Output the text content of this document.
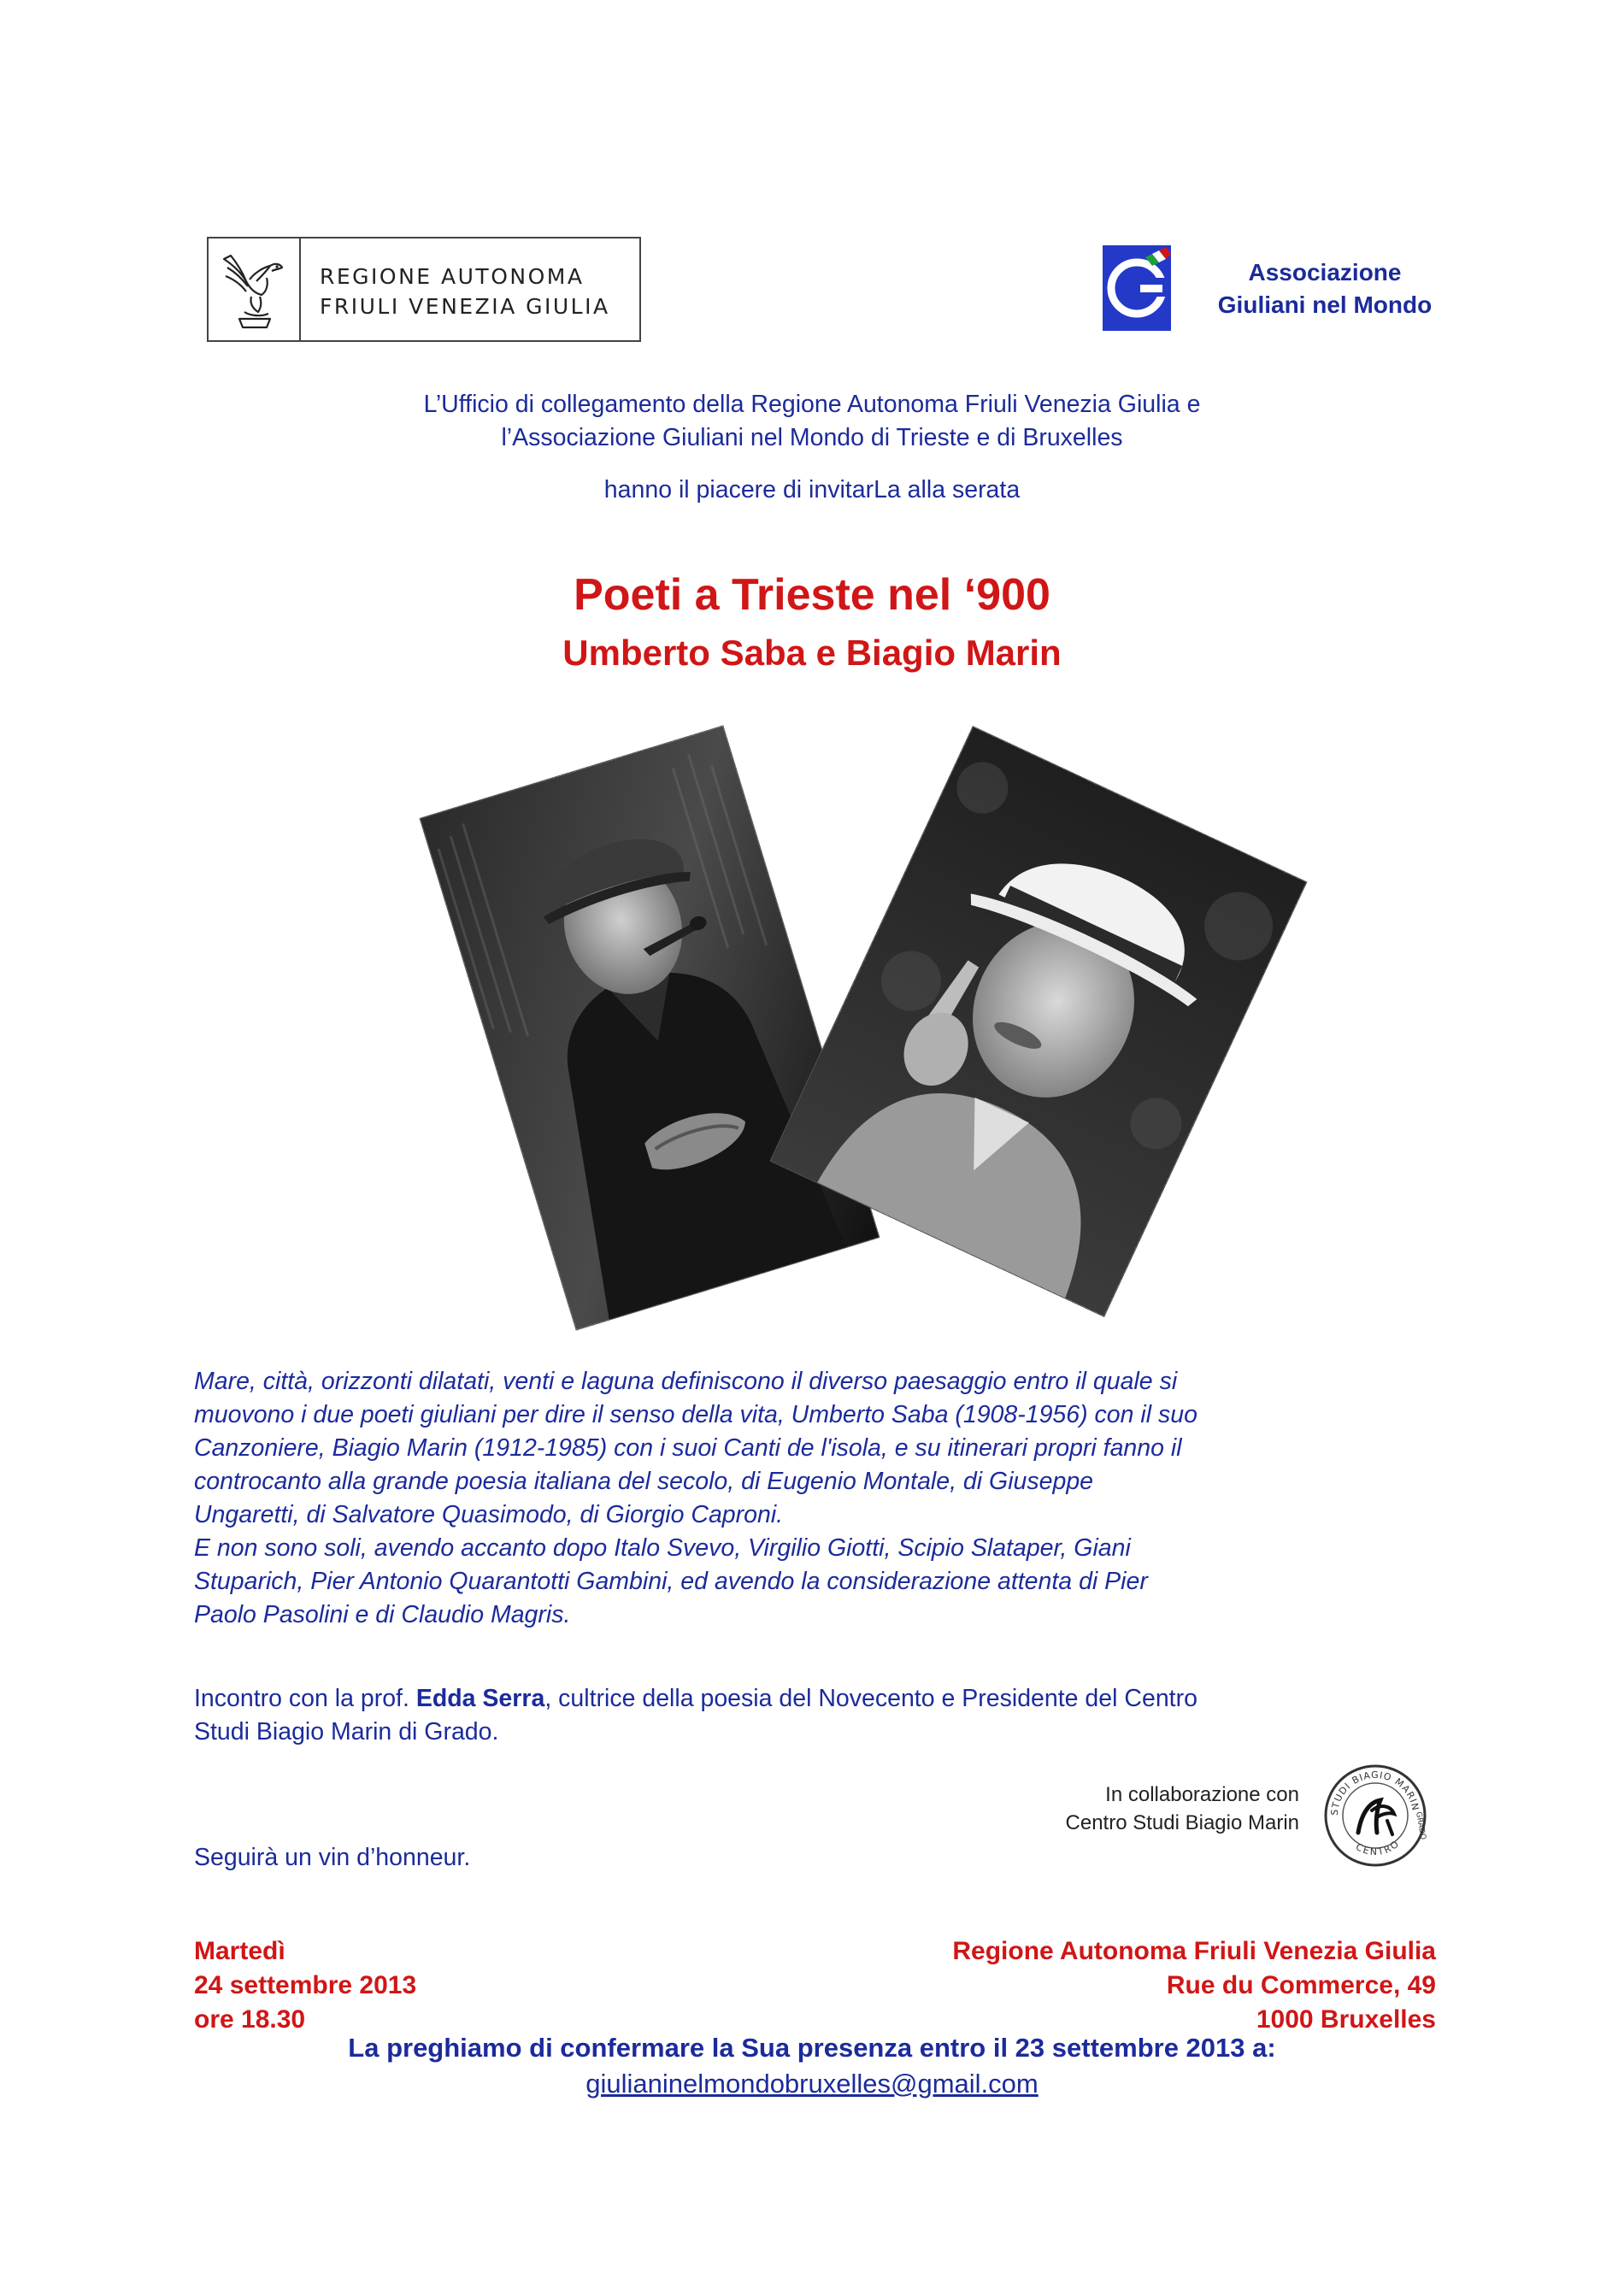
REGIONE AUTONOMA
FRIULI VENEZIA GIULIA
Associazione
Giuliani nel Mondo
L’Ufficio di collegamento della Regione Autonoma Friuli Venezia Giulia e
l’Associazione Giuliani nel Mondo di Trieste e di Bruxelles
hanno il piacere di invitarLa alla serata
Poeti a Trieste nel ‘900
Umberto Saba e Biagio Marin
Mare, città, orizzonti dilatati, venti e laguna definiscono il diverso paesaggio entro il quale si
muovono i due poeti giuliani per dire il senso della vita, Umberto Saba (1908-1956) con il suo
Canzoniere, Biagio Marin (1912-1985) con i suoi Canti de l'isola, e su itinerari propri fanno il
controcanto alla grande poesia italiana del secolo, di Eugenio Montale, di Giuseppe
Ungaretti, di Salvatore Quasimodo, di Giorgio Caproni.
E non sono soli, avendo accanto dopo Italo Svevo, Virgilio Giotti, Scipio Slataper, Giani
Stuparich, Pier Antonio Quarantotti Gambini, ed avendo la considerazione attenta di Pier
Paolo Pasolini e di Claudio Magris.
Incontro con la prof. Edda Serra, cultrice della poesia del Novecento e Presidente del Centro
Studi Biagio Marin di Grado.
In collaborazione con
Centro Studi Biagio Marin	STUDI BIAGIO MARIN
CENTRO
GRADO
Seguirà un vin d’honneur.
Martedì
24 settembre 2013
ore 18.30
Regione Autonoma Friuli Venezia Giulia
Rue du Commerce, 49
1000 Bruxelles
La preghiamo di confermare la Sua presenza entro il 23 settembre 2013 a:
giulianinelmondobruxelles@gmail.com
